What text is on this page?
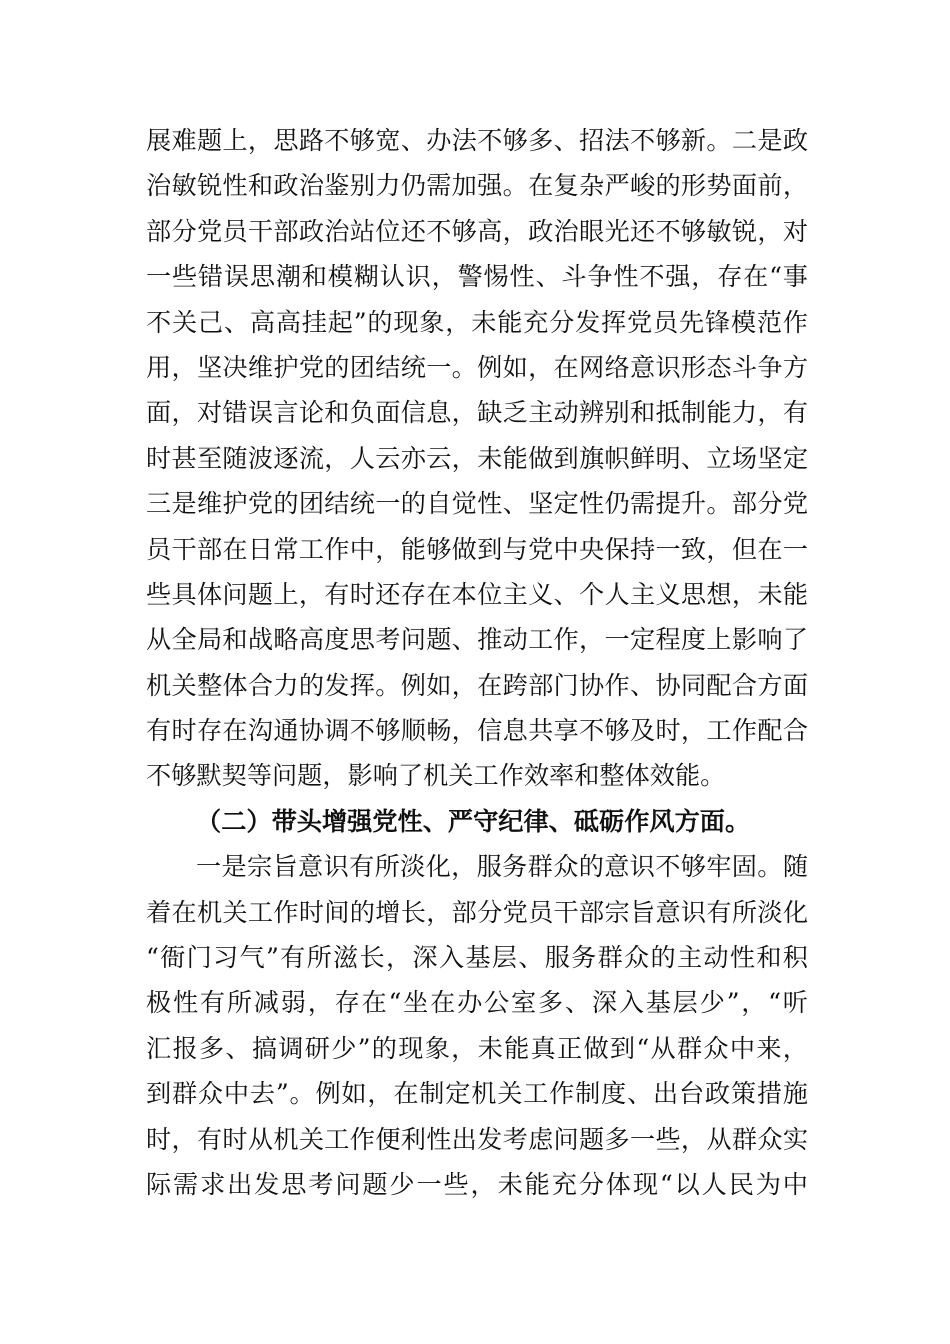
展难题上，思路不够宽、办法不够多、招法不够新。二是政
治敏锐性和政治鉴别力仍需加强。在复杂严峻的形势面前，
部分党员干部政治站位还不够高，政治眼光还不够敏锐，对
一些错误思潮和模糊认识，警惕性、斗争性不强，存在“事
不关己、高高挂起”的现象，未能充分发挥党员先锋模范作
用，坚决维护党的团结统一。例如，在网络意识形态斗争方
面，对错误言论和负面信息，缺乏主动辨别和抵制能力，有
时甚至随波逐流，人云亦云，未能做到旗帜鲜明、立场坚定
三是维护党的团结统一的自觉性、坚定性仍需提升。部分党
员干部在日常工作中，能够做到与党中央保持一致，但在一
些具体问题上，有时还存在本位主义、个人主义思想，未能
从全局和战略高度思考问题、推动工作，一定程度上影响了
机关整体合力的发挥。例如，在跨部门协作、协同配合方面
有时存在沟通协调不够顺畅，信息共享不够及时，工作配合
不够默契等问题，影响了机关工作效率和整体效能。
（二）带头增强党性、严守纪律、砥砺作风方面。
一是宗旨意识有所淡化，服务群众的意识不够牢固。随
着在机关工作时间的增长，部分党员干部宗旨意识有所淡化
“衙门习气”有所滋长，深入基层、服务群众的主动性和积
极性有所减弱，存在“坐在办公室多、深入基层少”，“听
汇报多、搞调研少”的现象，未能真正做到“从群众中来，
到群众中去”。例如，在制定机关工作制度、出台政策措施
时，有时从机关工作便利性出发考虑问题多一些，从群众实
际需求出发思考问题少一些，未能充分体现“以人民为中
